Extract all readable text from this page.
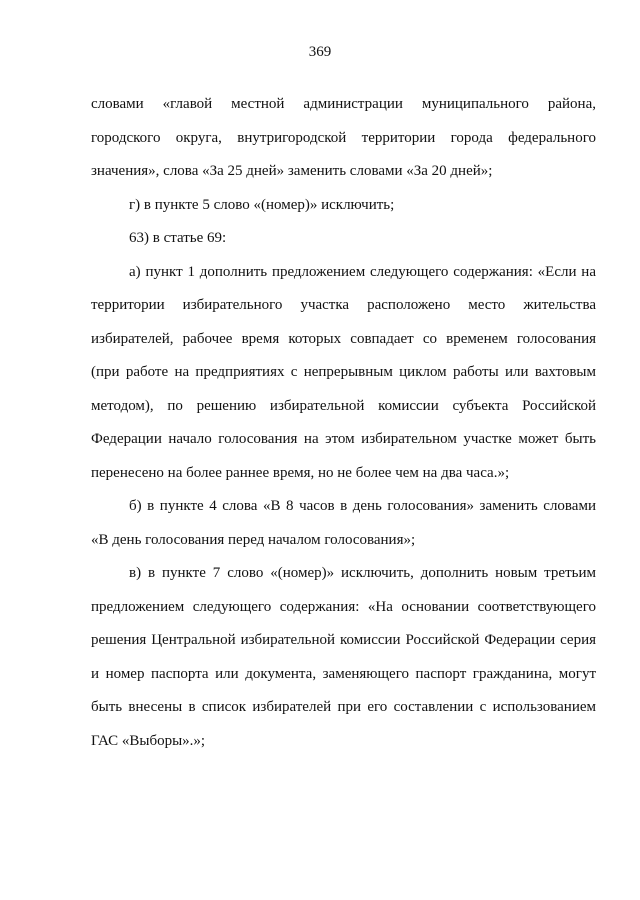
369
словами «главой местной администрации муниципального района,
городского округа, внутригородской территории города федерального
значения», слова «За 25 дней» заменить словами «За 20 дней»;
г) в пункте 5 слово «(номер)» исключить;
63) в статье 69:
а) пункт 1 дополнить предложением следующего содержания: «Если на
территории избирательного участка расположено место жительства
избирателей, рабочее время которых совпадает со временем голосования
(при работе на предприятиях с непрерывным циклом работы или вахтовым
методом), по решению избирательной комиссии субъекта Российской
Федерации начало голосования на этом избирательном участке может быть
перенесено на более раннее время, но не более чем на два часа.»;
б) в пункте 4 слова «В 8 часов в день голосования» заменить словами
«В день голосования перед началом голосования»;
в) в пункте 7 слово «(номер)» исключить, дополнить новым третьим
предложением следующего содержания: «На основании соответствующего
решения Центральной избирательной комиссии Российской Федерации серия
и номер паспорта или документа, заменяющего паспорт гражданина, могут
быть внесены в список избирателей при его составлении с использованием
ГАС «Выборы».»;
